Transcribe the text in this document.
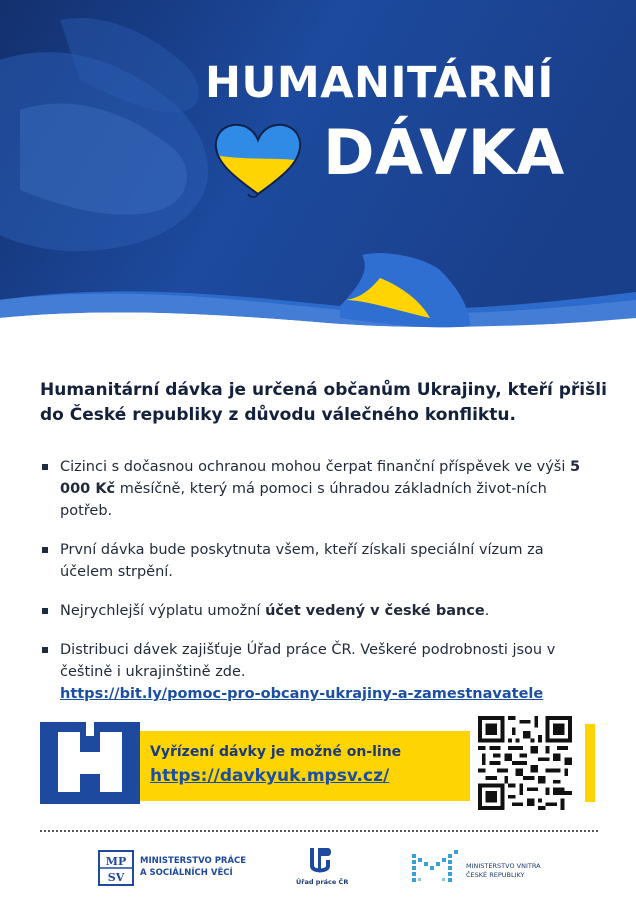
HUMANITÁRNÍ
DÁVKA
Humanitární dávka je určená občanům Ukrajiny, kteří přišli do České republiky z důvodu válečného konfliktu.
Cizinci s dočasnou ochranou mohou čerpat finanční příspěvek ve výši 5 000 Kč měsíčně, který má pomoci s úhradou základních život-ních potřeb.
První dávka bude poskytnuta všem, kteří získali speciální vízum za účelem strpění.
Nejrychlejší výplatu umožní účet vedený v české bance.
Distribuci dávek zajišťuje Úřad práce ČR. Veškeré podrobnosti jsou v češtině i ukrajinštině zde.
https://bit.ly/pomoc-pro-obcany-ukrajiny-a-zamestnavatele
Vyřízení dávky je možné on-line
https://davkyuk.mpsv.cz/
MP
SV
MINISTERSTVO PRÁCE
A SOCIÁLNÍCH VĚCÍ
Úřad práce ČR
MINISTERSTVO VNITRA
ČESKÉ REPUBLIKY
